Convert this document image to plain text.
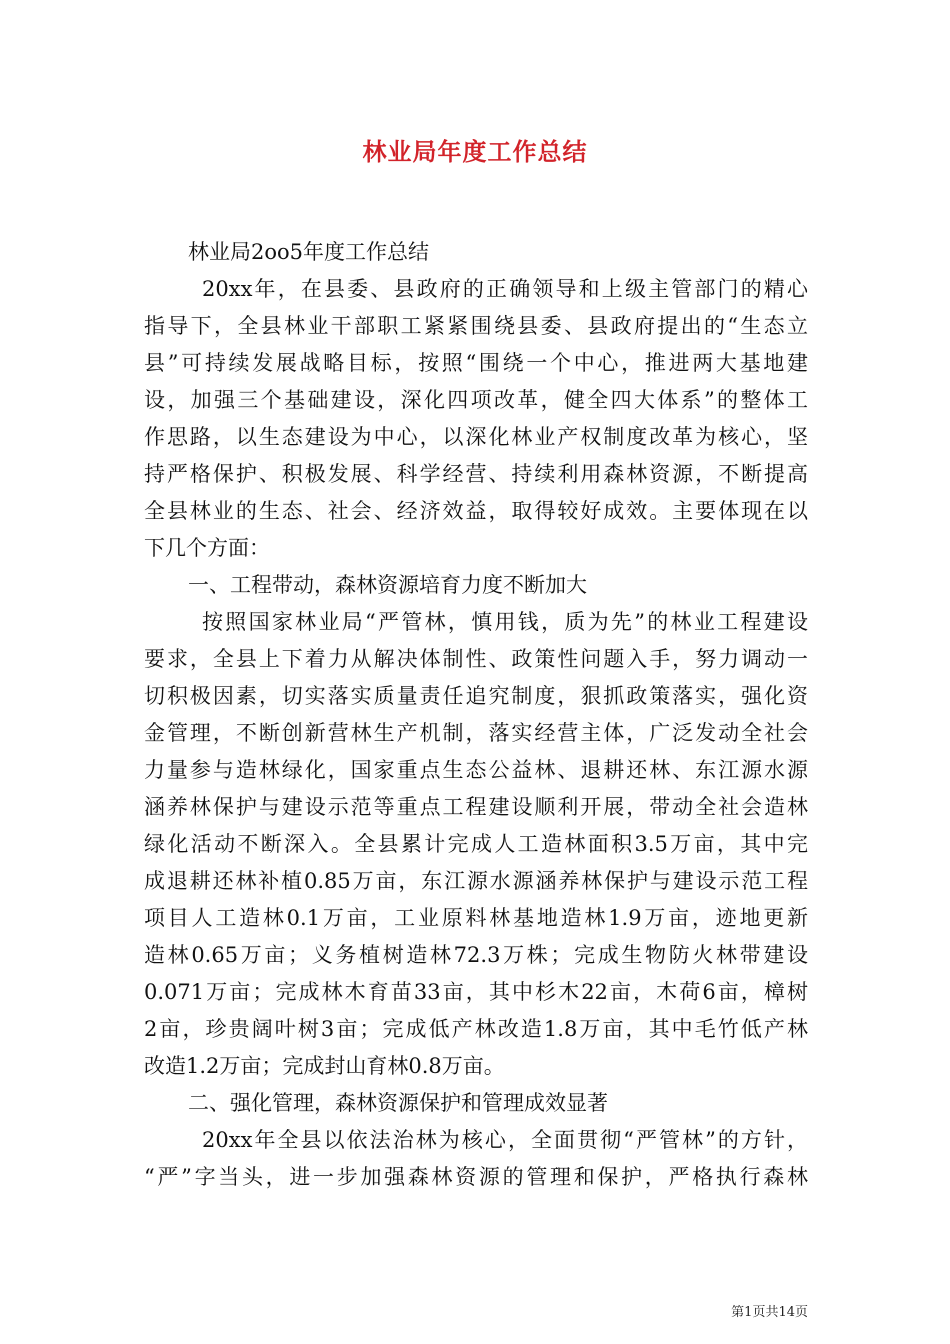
林业局年度工作总结
林业局2oo5年度工作总结
20xx年，在县委、县政府的正确领导和上级主管部门的精心
指导下，全县林业干部职工紧紧围绕县委、县政府提出的“生态立
县”可持续发展战略目标，按照“围绕一个中心，推进两大基地建
设，加强三个基础建设，深化四项改革，健全四大体系”的整体工
作思路，以生态建设为中心，以深化林业产权制度改革为核心，坚
持严格保护、积极发展、科学经营、持续利用森林资源，不断提高
全县林业的生态、社会、经济效益，取得较好成效。主要体现在以
下几个方面：
一、工程带动，森林资源培育力度不断加大
按照国家林业局“严管林，慎用钱，质为先”的林业工程建设
要求，全县上下着力从解决体制性、政策性问题入手，努力调动一
切积极因素，切实落实质量责任追究制度，狠抓政策落实，强化资
金管理，不断创新营林生产机制，落实经营主体，广泛发动全社会
力量参与造林绿化，国家重点生态公益林、退耕还林、东江源水源
涵养林保护与建设示范等重点工程建设顺利开展，带动全社会造林
绿化活动不断深入。全县累计完成人工造林面积3.5万亩，其中完
成退耕还林补植0.85万亩，东江源水源涵养林保护与建设示范工程
项目人工造林0.1万亩，工业原料林基地造林1.9万亩，迹地更新
造林0.65万亩；义务植树造林72.3万株；完成生物防火林带建设
0.071万亩；完成林木育苗33亩，其中杉木22亩，木荷6亩，樟树
2亩，珍贵阔叶树3亩；完成低产林改造1.8万亩，其中毛竹低产林
改造1.2万亩；完成封山育林0.8万亩。
二、强化管理，森林资源保护和管理成效显著
20xx年全县以依法治林为核心，全面贯彻“严管林”的方针，
“严”字当头，进一步加强森林资源的管理和保护，严格执行森林
第1页共14页
